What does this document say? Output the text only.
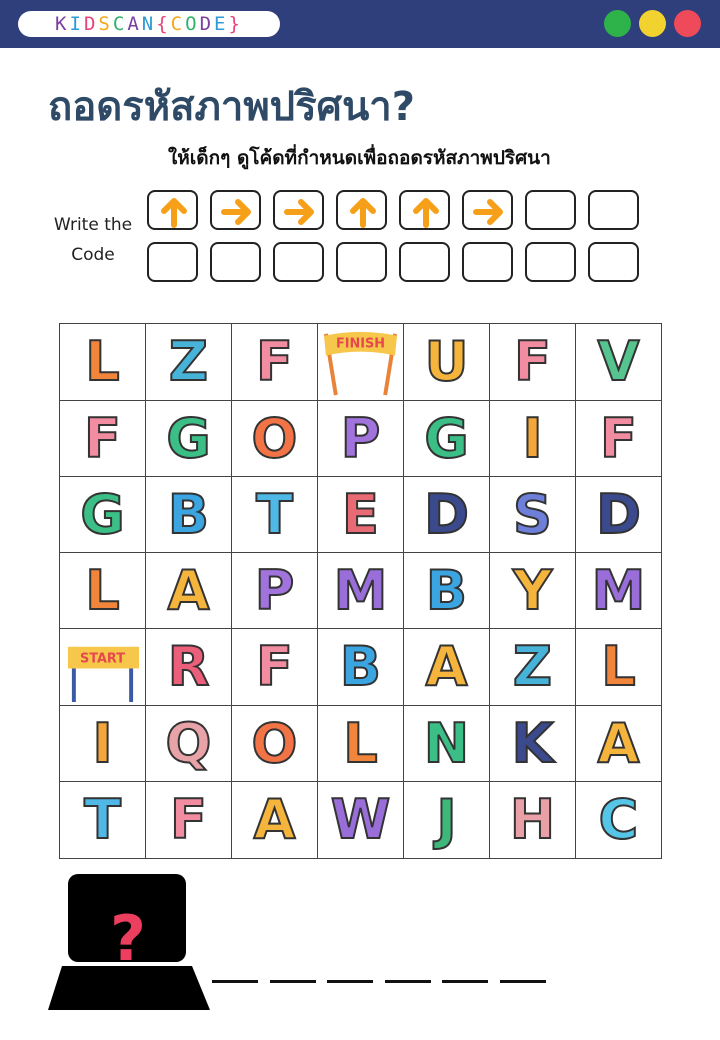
KIDSCAN{CODE}
ถอดรหัสภาพปริศนา?
ให้เด็กๆ ดูโค้ดที่กำหนดเพื่อถอดรหัสภาพปริศนา
Write the
Code
L Z F	FINISH U F V
F G O P G I	F
G B T E D S D
L A P M B Y M
START R F B A Z L
I Q O L N K A
T F A W J H C
?
